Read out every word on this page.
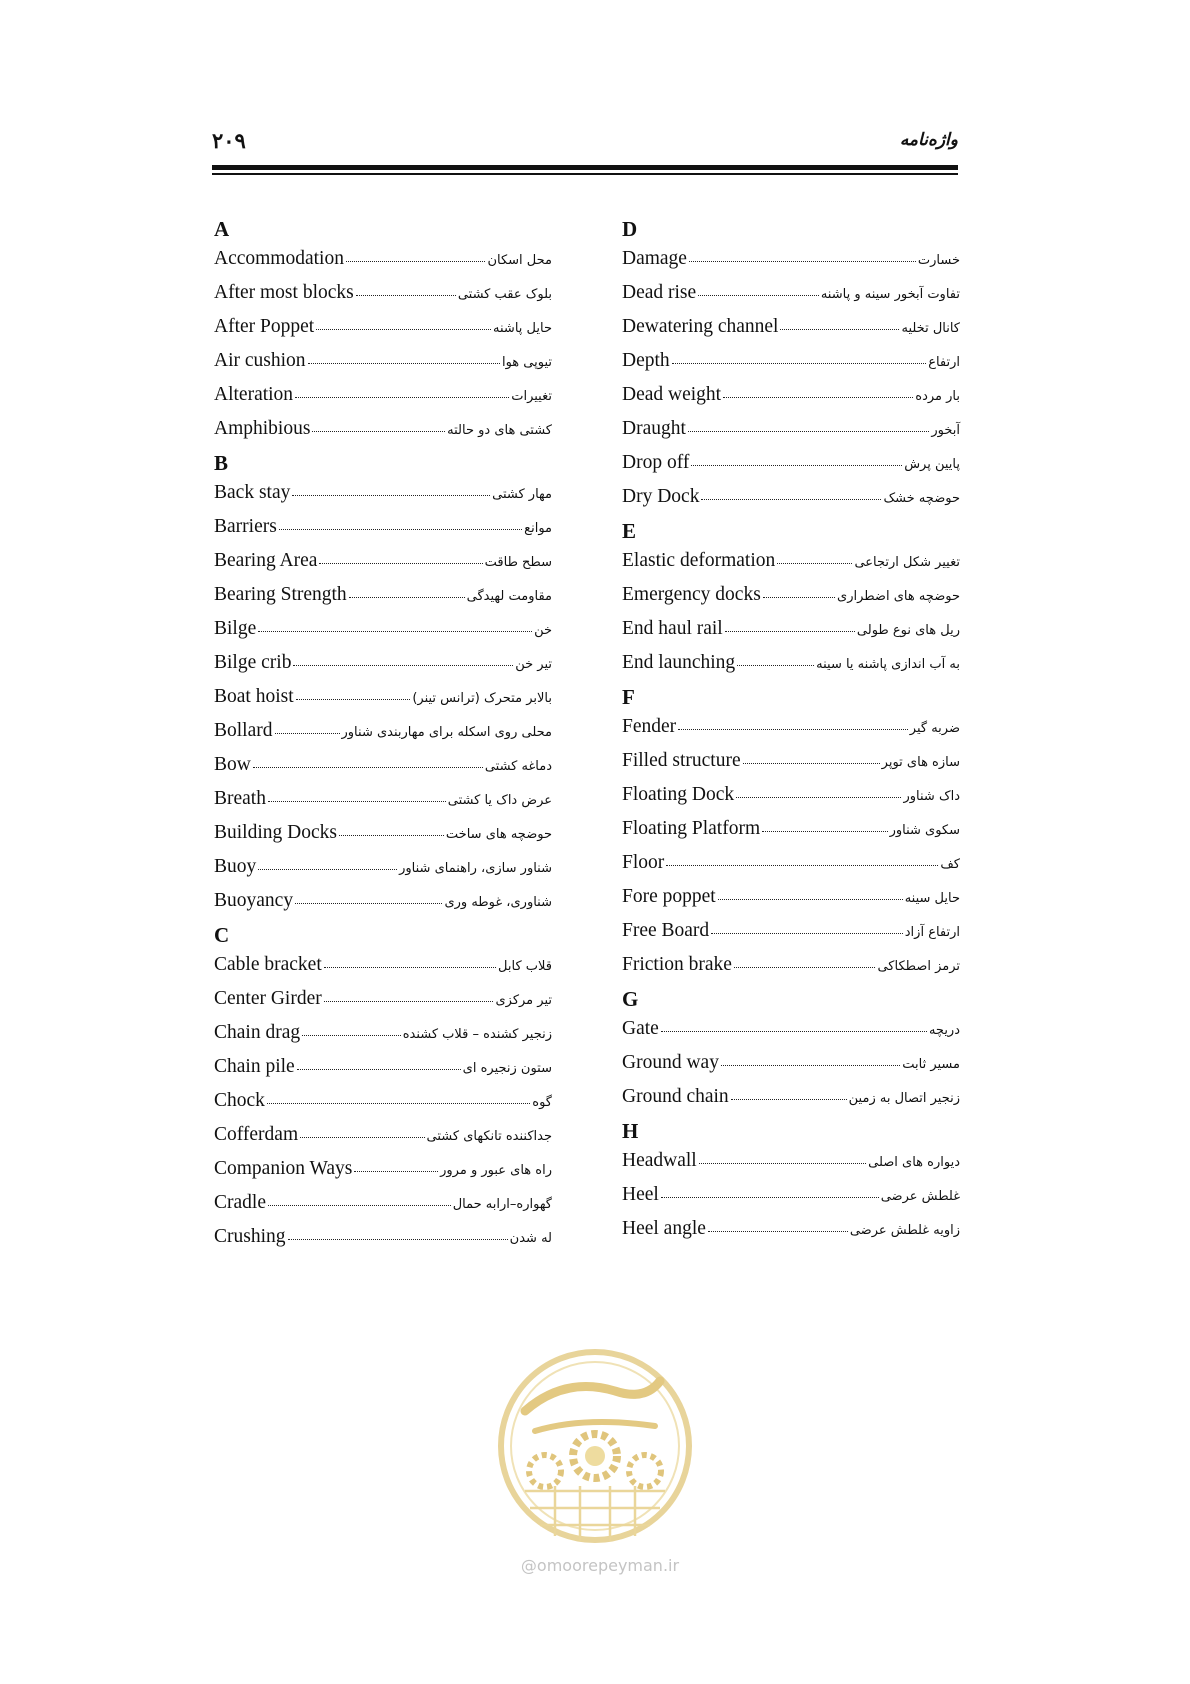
۲۰۹	واژه‌نامه
A
Accommodation	محل اسکان
After most blocks	بلوک عقب کشتی
After Poppet	حایل پاشنه
Air cushion	تیوپی هوا
Alteration	تغییرات
Amphibious	کشتی های دو حالته
B
Back stay	مهار کشتی
Barriers	موانع
Bearing Area	سطح طاقت
Bearing Strength	مقاومت لهیدگی
Bilge	خن
Bilge crib	تیر خن
Boat hoist	بالابر متحرک (ترانس تینر)
Bollard	محلی روی اسکله برای مهاربندی شناور
Bow	دماغه کشتی
Breath	عرض داک یا کشتی
Building Docks	حوضچه های ساخت
Buoy	شناور سازی، راهنمای شناور
Buoyancy	شناوری، غوطه وری
C
Cable bracket	قلاب کابل
Center Girder	تیر مرکزی
Chain drag	زنجیر کشنده – قلاب کشنده
Chain pile	ستون زنجیره ای
Chock	گوه
Cofferdam	جداکننده تانکهای کشتی
Companion Ways	راه های عبور و مرور
Cradle	گهواره–ارابه حمال
Crushing	له شدن
D
Damage	خسارت
Dead rise	تفاوت آبخور سینه و پاشنه
Dewatering channel	کانال تخلیه
Depth	ارتفاع
Dead weight	بار مرده
Draught	آبخور
Drop off	پایین پرش
Dry Dock	حوضچه خشک
E
Elastic deformation	تغییر شکل ارتجاعی
Emergency docks	حوضچه های اضطراری
End haul rail	ریل های نوع طولی
End launching	به آب اندازی پاشنه یا سینه
F
Fender	ضربه گیر
Filled structure	سازه های توپر
Floating Dock	داک شناور
Floating Platform	سکوی شناور
Floor	کف
Fore poppet	حایل سینه
Free Board	ارتفاع آزاد
Friction brake	ترمز اصطکاکی
G
Gate	دریچه
Ground way	مسیر ثابت
Ground chain	زنجیر اتصال به زمین
H
Headwall	دیواره های اصلی
Heel	غلطش عرضی
Heel angle	زاویه غلطش عرضی
@omoorepeyman.ir
